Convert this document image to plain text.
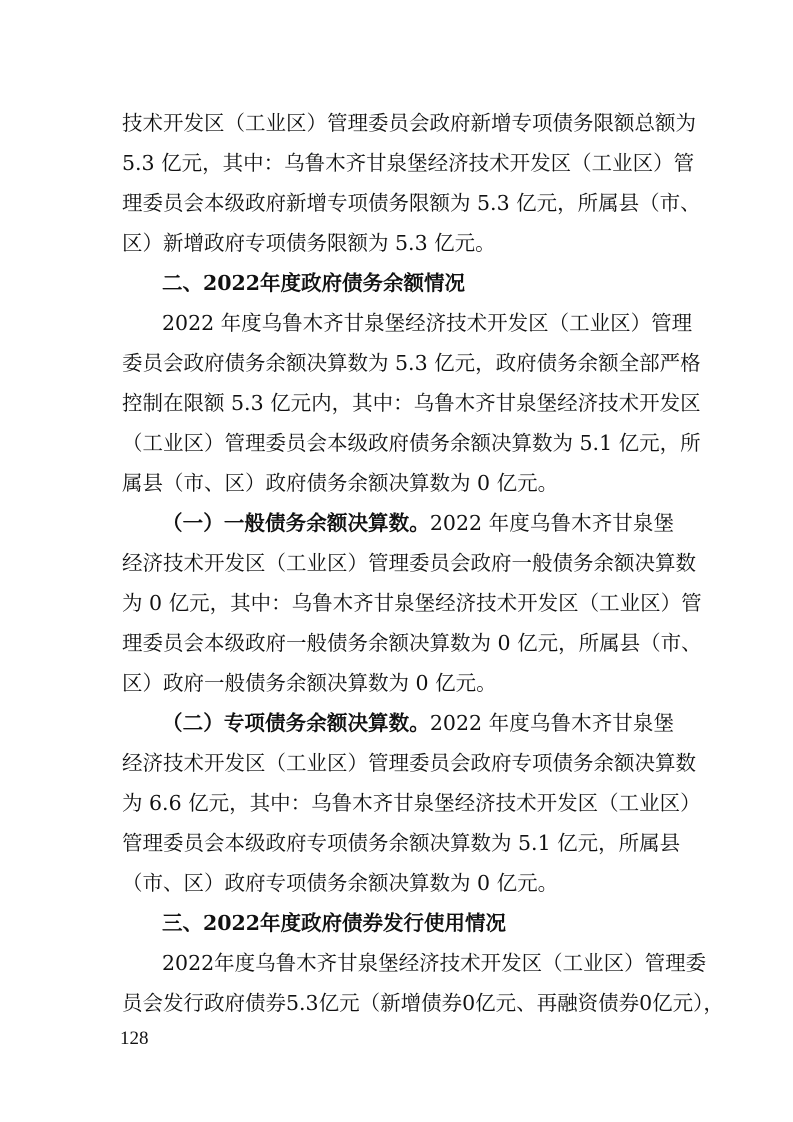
技术开发区（工业区）管理委员会政府新增专项债务限额总额为
5.3 亿元，其中：乌鲁木齐甘泉堡经济技术开发区（工业区）管
理委员会本级政府新增专项债务限额为 5.3 亿元，所属县（市、
区）新增政府专项债务限额为 5.3 亿元。
二、2022年度政府债务余额情况
2022 年度乌鲁木齐甘泉堡经济技术开发区（工业区）管理
委员会政府债务余额决算数为 5.3 亿元，政府债务余额全部严格
控制在限额 5.3 亿元内，其中：乌鲁木齐甘泉堡经济技术开发区
（工业区）管理委员会本级政府债务余额决算数为 5.1 亿元，所
属县（市、区）政府债务余额决算数为 0 亿元。
（一）一般债务余额决算数。2022 年度乌鲁木齐甘泉堡
经济技术开发区（工业区）管理委员会政府一般债务余额决算数
为 0 亿元，其中：乌鲁木齐甘泉堡经济技术开发区（工业区）管
理委员会本级政府一般债务余额决算数为 0 亿元，所属县（市、
区）政府一般债务余额决算数为 0 亿元。
（二）专项债务余额决算数。2022 年度乌鲁木齐甘泉堡
经济技术开发区（工业区）管理委员会政府专项债务余额决算数
为 6.6 亿元，其中：乌鲁木齐甘泉堡经济技术开发区（工业区）
管理委员会本级政府专项债务余额决算数为 5.1 亿元，所属县
（市、区）政府专项债务余额决算数为 0 亿元。
三、2022年度政府债券发行使用情况
2022年度乌鲁木齐甘泉堡经济技术开发区（工业区）管理委
员会发行政府债券5.3亿元（新增债券0亿元、再融资债券0亿元），
128
